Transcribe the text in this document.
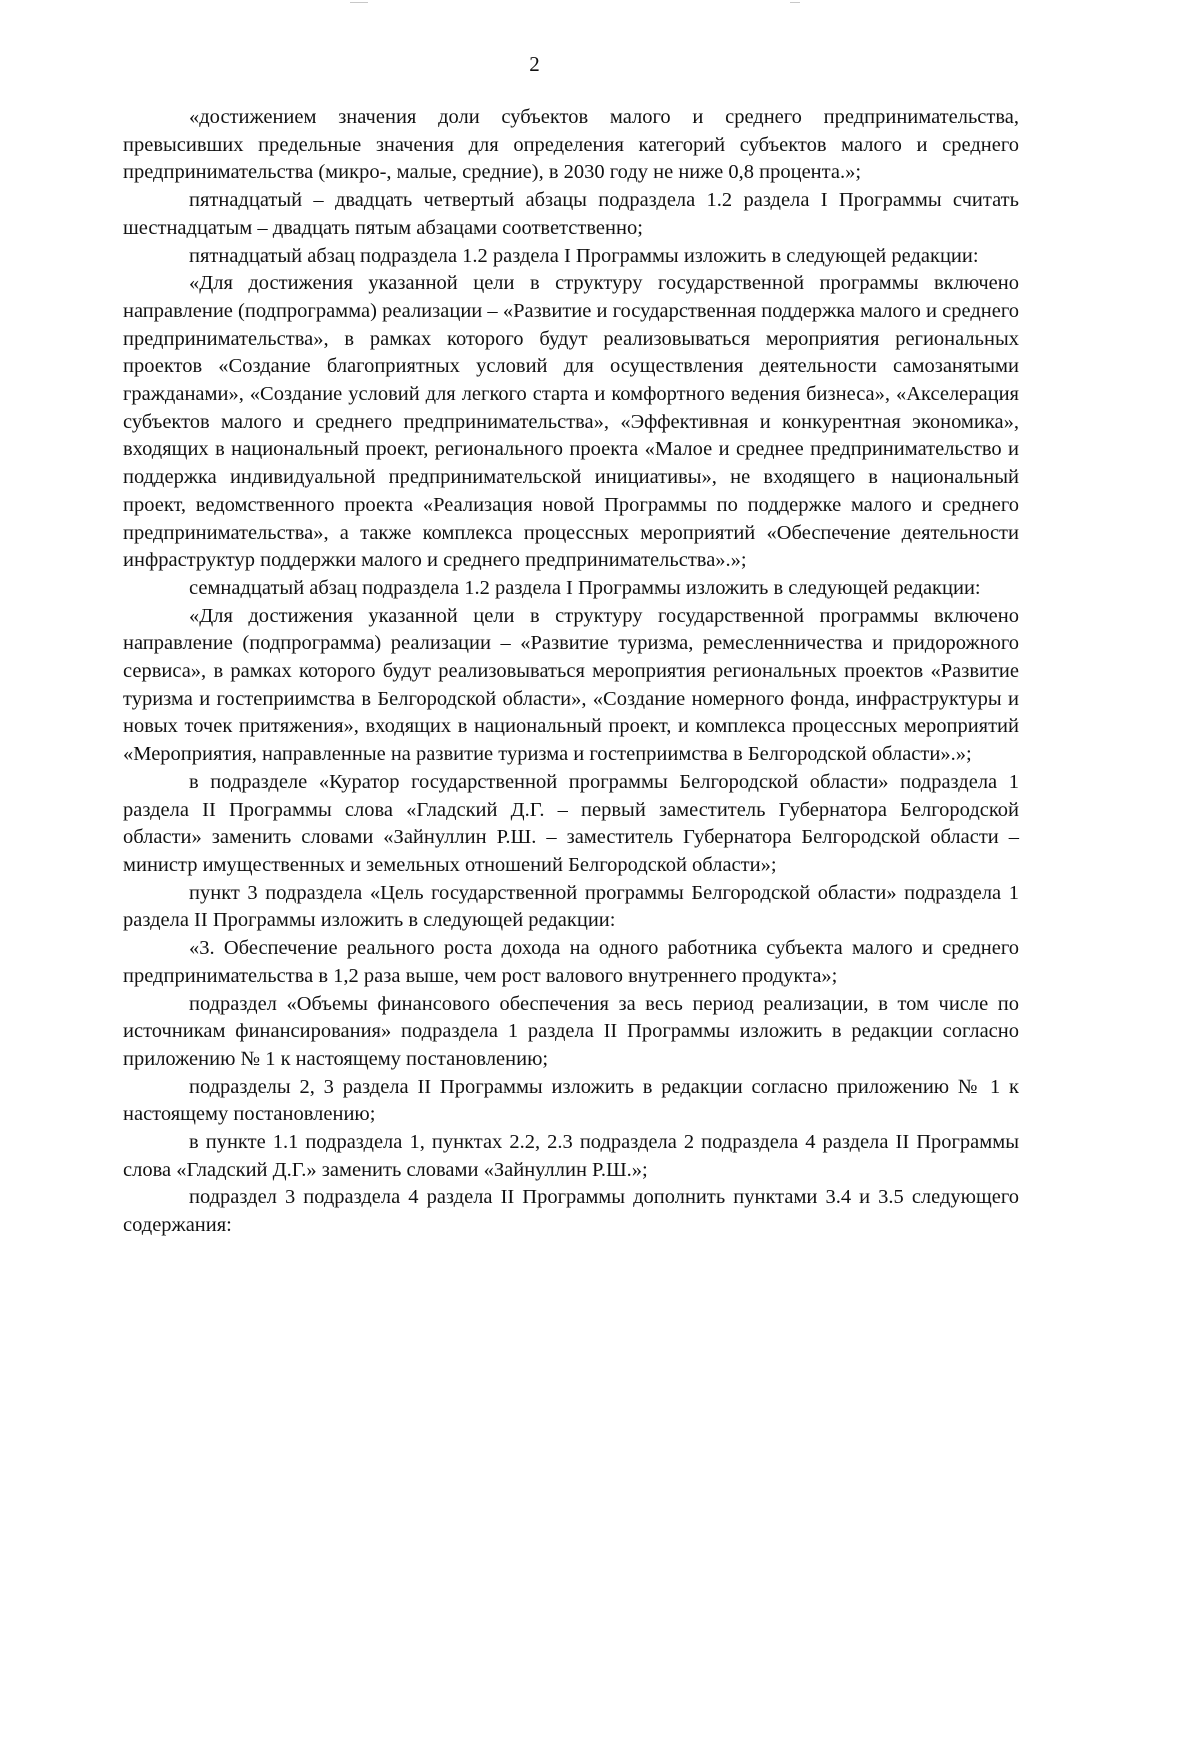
2

«достижением значения доли субъектов малого и среднего предпринимательства, превысивших предельные значения для определения категорий субъектов малого и среднего предпринимательства (микро-, малые, средние), в 2030 году не ниже 0,8 процента.»;

пятнадцатый – двадцать четвертый абзацы подраздела 1.2 раздела I Программы считать шестнадцатым – двадцать пятым абзацами соответственно;

пятнадцатый абзац подраздела 1.2 раздела I Программы изложить в следующей редакции:

«Для достижения указанной цели в структуру государственной программы включено направление (подпрограмма) реализации – «Развитие и государственная поддержка малого и среднего предпринимательства», в рамках которого будут реализовываться мероприятия региональных проектов «Создание благоприятных условий для осуществления деятельности самозанятыми гражданами», «Создание условий для легкого старта и комфортного ведения бизнеса», «Акселерация субъектов малого и среднего предпринимательства», «Эффективная и конкурентная экономика», входящих в национальный проект, регионального проекта «Малое и среднее предпринимательство и поддержка индивидуальной предпринимательской инициативы», не входящего в национальный проект, ведомственного проекта «Реализация новой Программы по поддержке малого и среднего предпринимательства», а также комплекса процессных мероприятий «Обеспечение деятельности инфраструктур поддержки малого и среднего предпринимательства».»;

семнадцатый абзац подраздела 1.2 раздела I Программы изложить в следующей редакции:

«Для достижения указанной цели в структуру государственной программы включено направление (подпрограмма) реализации – «Развитие туризма, ремесленничества и придорожного сервиса», в рамках которого будут реализовываться мероприятия региональных проектов «Развитие туризма и гостеприимства в Белгородской области», «Создание номерного фонда, инфраструктуры и новых точек притяжения», входящих в национальный проект, и комплекса процессных мероприятий «Мероприятия, направленные на развитие туризма и гостеприимства в Белгородской области».»;

в подразделе «Куратор государственной программы Белгородской области» подраздела 1 раздела II Программы слова «Гладский Д.Г. – первый заместитель Губернатора Белгородской области» заменить словами «Зайнуллин Р.Ш. – заместитель Губернатора Белгородской области – министр имущественных и земельных отношений Белгородской области»;

пункт 3 подраздела «Цель государственной программы Белгородской области» подраздела 1 раздела II Программы изложить в следующей редакции:

«3. Обеспечение реального роста дохода на одного работника субъекта малого и среднего предпринимательства в 1,2 раза выше, чем рост валового внутреннего продукта»;

подраздел «Объемы финансового обеспечения за весь период реализации, в том числе по источникам финансирования» подраздела 1 раздела II Программы изложить в редакции согласно приложению № 1 к настоящему постановлению;

подразделы 2, 3 раздела II Программы изложить в редакции согласно приложению № 1 к настоящему постановлению;

в пункте 1.1 подраздела 1, пунктах 2.2, 2.3 подраздела 2 подраздела 4 раздела II Программы слова «Гладский Д.Г.» заменить словами «Зайнуллин Р.Ш.»;

подраздел 3 подраздела 4 раздела II Программы дополнить пунктами 3.4 и 3.5 следующего содержания:
